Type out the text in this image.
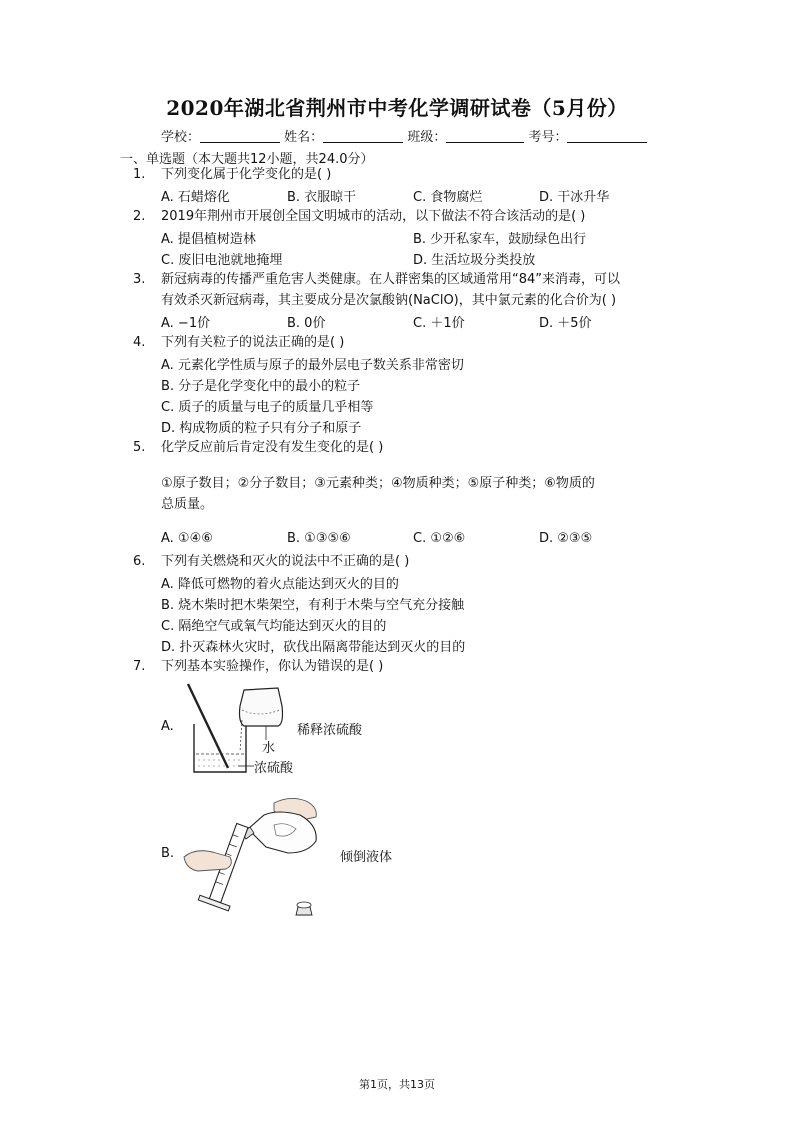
2020年湖北省荆州市中考化学调研试卷（5月份）
学校：	姓名：	班级：	考号：
一、单选题（本大题共12小题，共24.0分）
1. 下列变化属于化学变化的是( )
A. 石蜡熔化	B. 衣服晾干	C. 食物腐烂	D. 干冰升华
2. 2019年荆州市开展创全国文明城市的活动，以下做法不符合该活动的是( )
A. 提倡植树造林	B. 少开私家车，鼓励绿色出行
C. 废旧电池就地掩埋	D. 生活垃圾分类投放
3. 新冠病毒的传播严重危害人类健康。在人群密集的区域通常用“84”来消毒，可以
有效杀灭新冠病毒，其主要成分是次氯酸钠(NaClO)，其中氯元素的化合价为( )
A. −1价	B. 0价	C. ＋1价	D. ＋5价
4. 下列有关粒子的说法正确的是( )
A. 元素化学性质与原子的最外层电子数关系非常密切
B. 分子是化学变化中的最小的粒子
C. 质子的质量与电子的质量几乎相等
D. 构成物质的粒子只有分子和原子
5. 化学反应前后肯定没有发生变化的是( )
①原子数目；②分子数目；③元素种类；④物质种类；⑤原子种类；⑥物质的
总质量。
A. ①④⑥	B. ①③⑤⑥	C. ①②⑥	D. ②③⑤
6. 下列有关燃烧和灭火的说法中不正确的是( )
A. 降低可燃物的着火点能达到灭火的目的
B. 烧木柴时把木柴架空，有利于木柴与空气充分接触
C. 隔绝空气或氧气均能达到灭火的目的
D. 扑灭森林火灾时，砍伐出隔离带能达到灭火的目的
7. 下列基本实验操作，你认为错误的是( )
A.
水
浓硫酸
稀释浓硫酸
B.	倾倒液体
第1页，共13页
